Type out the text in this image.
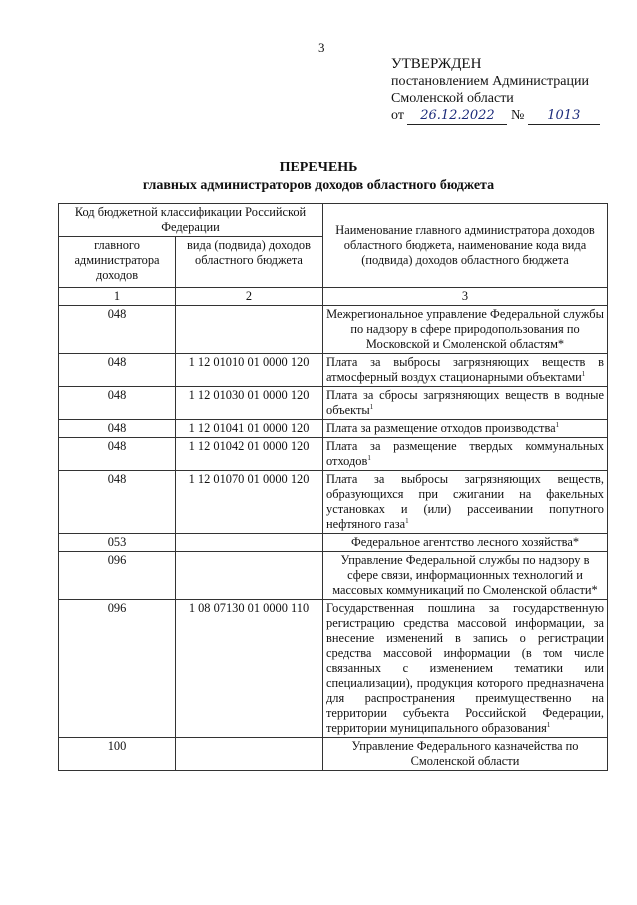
3
УТВЕРЖДЕН
постановлением Администрации
Смоленской области
от 26.12.2022 № 1013
ПЕРЕЧЕНЬ
главных администраторов доходов областного бюджета
Код бюджетной классификации Российской Федерации		Наименование главного администратора доходов областного бюджета, наименование кода вида (подвида) доходов областного бюджета
главного администратора доходов	вида (подвида) доходов областного бюджета	
1	2	3
048		Межрегиональное управление Федеральной службы по надзору в сфере природопользования по Московской и Смоленской областям*
048	1 12 01010 01 0000 120	Плата за выбросы загрязняющих веществ в атмосферный воздух стационарными объектами$^1$
048	1 12 01030 01 0000 120	Плата за сбросы загрязняющих веществ в водные объекты$^1$
048	1 12 01041 01 0000 120	Плата за размещение отходов производства$^1$
048	1 12 01042 01 0000 120	Плата за размещение твердых коммунальных отходов$^1$
048	1 12 01070 01 0000 120	Плата за выбросы загрязняющих веществ, образующихся при сжигании на факельных установках и (или) рассеивании попутного нефтяного газа$^1$
053		Федеральное агентство лесного хозяйства*
096		Управление Федеральной службы по надзору в сфере связи, информационных технологий и массовых коммуникаций по Смоленской области*
096	1 08 07130 01 0000 110	Государственная пошлина за государственную регистрацию средства массовой информации, за внесение изменений в запись о регистрации средства массовой информации (в том числе связанных с изменением тематики или специализации), продукция которого предназначена для распространения преимущественно на территории субъекта Российской Федерации, территории муниципального образования$^1$
100		Управление Федерального казначейства по Смоленской области
